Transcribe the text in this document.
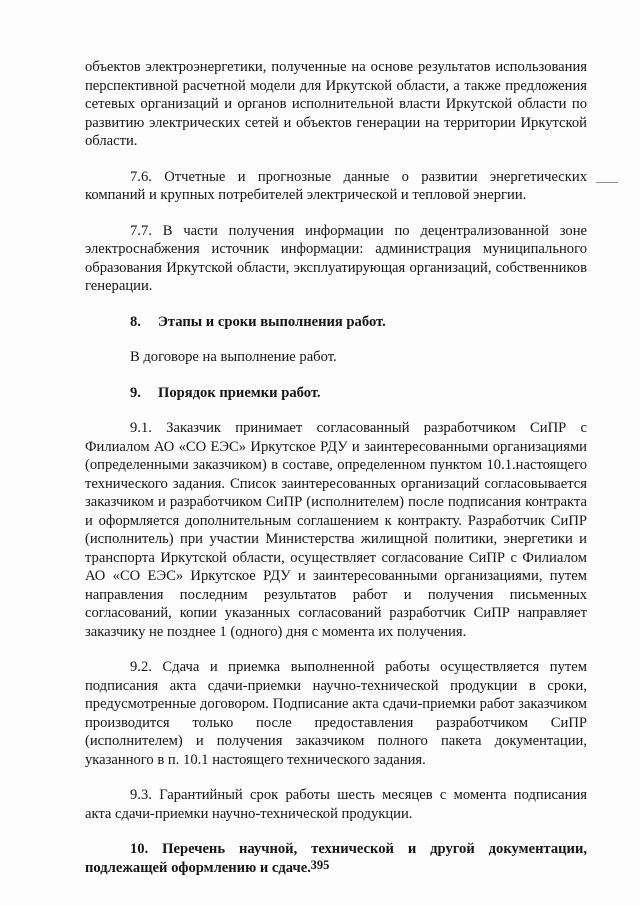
объектов электроэнергетики, полученные на основе результатов использования перспективной расчетной модели для Иркутской области, а также предложения сетевых организаций и органов исполнительной власти Иркутской области по развитию электрических сетей и объектов генерации на территории Иркутской области.

7.6. Отчетные и прогнозные данные о развитии энергетических компаний и крупных потребителей электрической и тепловой энергии.

7.7. В части получения информации по децентрализованной зоне электроснабжения источник информации: администрация муниципального образования Иркутской области, эксплуатирующая организаций, собственников генерации.

8. Этапы и сроки выполнения работ.

В договоре на выполнение работ.

9. Порядок приемки работ.

9.1. Заказчик принимает согласованный разработчиком СиПР с Филиалом АО «СО ЕЭС» Иркутское РДУ и заинтересованными организациями (определенными заказчиком) в составе, определенном пунктом 10.1.настоящего технического задания. Список заинтересованных организаций согласовывается заказчиком и разработчиком СиПР (исполнителем) после подписания контракта и оформляется дополнительным соглашением к контракту. Разработчик СиПР (исполнитель) при участии Министерства жилищной политики, энергетики и транспорта Иркутской области, осуществляет согласование СиПР с Филиалом АО «СО ЕЭС» Иркутское РДУ и заинтересованными организациями, путем направления последним результатов работ и получения письменных согласований, копии указанных согласований разработчик СиПР направляет заказчику не позднее 1 (одного) дня с момента их получения.

9.2. Сдача и приемка выполненной работы осуществляется путем подписания акта сдачи-приемки научно-технической продукции в сроки, предусмотренные договором. Подписание акта сдачи-приемки работ заказчиком производится только после предоставления разработчиком СиПР (исполнителем) и получения заказчиком полного пакета документации, указанного в п. 10.1 настоящего технического задания.

9.3. Гарантийный срок работы шесть месяцев с момента подписания акта сдачи-приемки научно-технической продукции.

10. Перечень научной, технической и другой документации, подлежащей оформлению и сдаче. 395
